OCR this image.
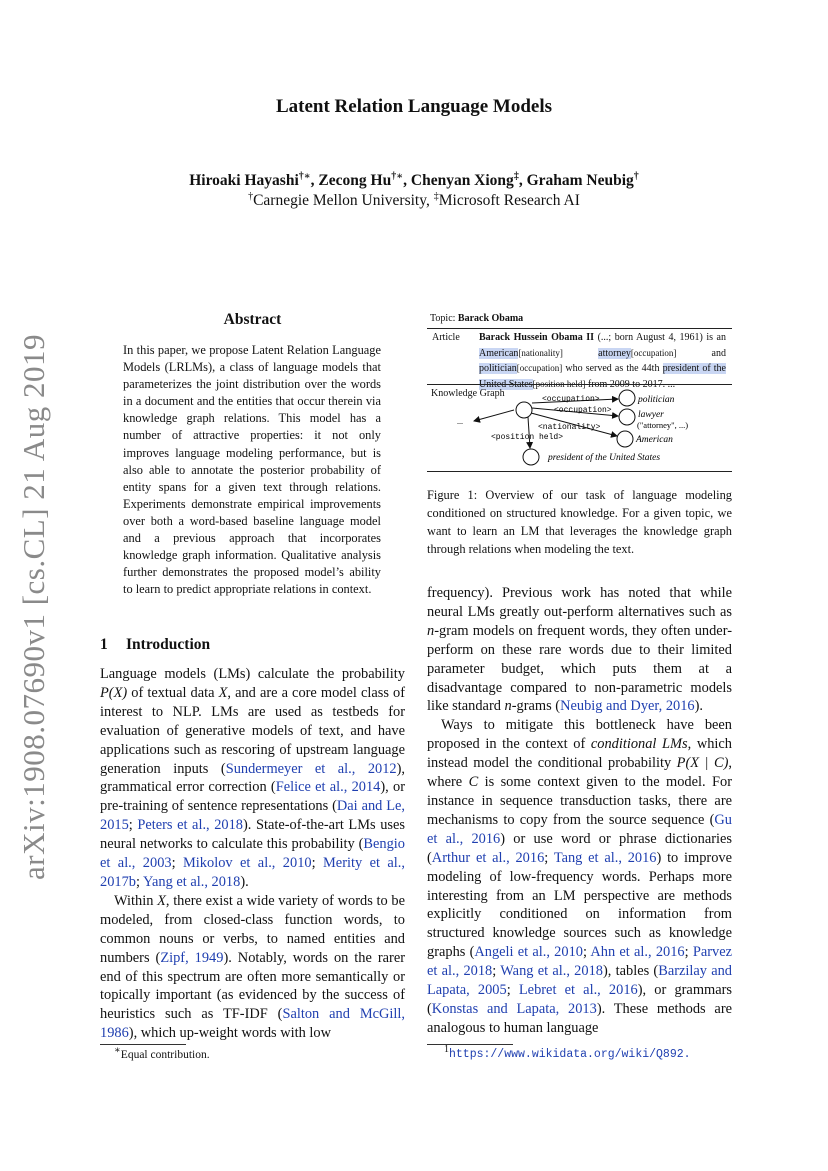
arXiv:1908.07690v1 [cs.CL] 21 Aug 2019
Latent Relation Language Models
Hiroaki Hayashi†∗, Zecong Hu†∗, Chenyan Xiong‡, Graham Neubig†
†Carnegie Mellon University, ‡Microsoft Research AI
Abstract
In this paper, we propose Latent Relation Language Models (LRLMs), a class of language models that parameterizes the joint distribution over the words in a document and the entities that occur therein via knowledge graph relations. This model has a number of attractive properties: it not only improves language modeling performance, but is also able to annotate the posterior probability of entity spans for a given text through relations. Experiments demonstrate empirical improvements over both a word-based baseline language model and a previous approach that incorporates knowledge graph information. Qualitative analysis further demonstrates the proposed model’s ability to learn to predict appropriate relations in context.
1 Introduction

Language models (LMs) calculate the probability P(X) of textual data X, and are a core model class of interest to NLP. LMs are used as testbeds for evaluation of generative models of text, and have applications such as rescoring of upstream language generation inputs (Sundermeyer et al., 2012), grammatical error correction (Felice et al., 2014), or pre-training of sentence representations (Dai and Le, 2015; Peters et al., 2018). State-of-the-art LMs uses neural networks to calculate this probability (Bengio et al., 2003; Mikolov et al., 2010; Merity et al., 2017b; Yang et al., 2018).

Within X, there exist a wide variety of words to be modeled, from closed-class function words, to common nouns or verbs, to named entities and numbers (Zipf, 1949). Notably, words on the rarer end of this spectrum are often more semantically or topically important (as evidenced by the success of heuristics such as TF-IDF (Salton and McGill, 1986), which up-weight words with low

Topic: Barack Obama
Article Barack Hussein Obama II (...; born August 4, 1961) is an American[nationality]	attorney[occupation] and politician[occupation] who served as the 44th president of the United States[position held] from 2009 to 2017. ...
Knowledge Graph
...
<occupation>
<occupation>
<nationality>
<position held>
politician
lawyer
("attorney", ...)
American
president of the United States
Figure 1: Overview of our task of language modeling conditioned on structured knowledge. For a given topic, we want to learn an LM that leverages the knowledge graph through relations when modeling the text.

frequency). Previous work has noted that while neural LMs greatly out-perform alternatives such as n-gram models on frequent words, they often under-perform on these rare words due to their limited parameter budget, which puts them at a disadvantage compared to non-parametric models like standard n-grams (Neubig and Dyer, 2016).

Ways to mitigate this bottleneck have been proposed in the context of conditional LMs, which instead model the conditional probability P(X | C), where C is some context given to the model. For instance in sequence transduction tasks, there are mechanisms to copy from the source sequence (Gu et al., 2016) or use word or phrase dictionaries (Arthur et al., 2016; Tang et al., 2016) to improve modeling of low-frequency words. Perhaps more interesting from an LM perspective are methods explicitly conditioned on information from structured knowledge sources such as knowledge graphs (Angeli et al., 2010; Ahn et al., 2016; Parvez et al., 2018; Wang et al., 2018), tables (Barzilay and Lapata, 2005; Lebret et al., 2016), or grammars (Konstas and Lapata, 2013). These methods are analogous to human language

∗Equal contribution.	$^1$https://www.wikidata.org/wiki/Q892.
